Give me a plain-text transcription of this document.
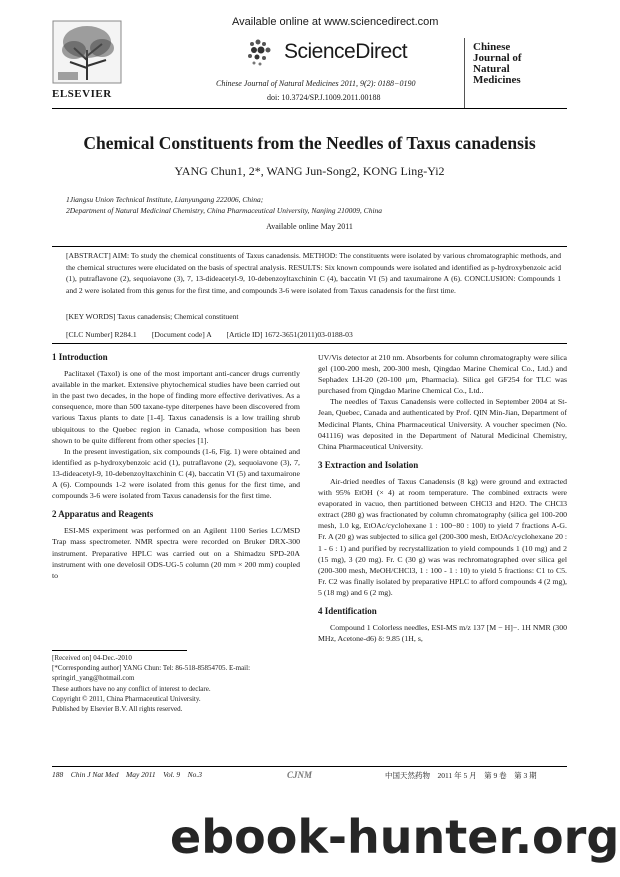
ELSEVIER
Available online at www.sciencedirect.com
ScienceDirect
Chinese Journal of Natural Medicines 2011, 9(2): 0188−0190
doi: 10.3724/SP.J.1009.2011.00188
Chinese
Journal of
Natural
Medicines
Chemical Constituents from the Needles of Taxus canadensis
YANG Chun1, 2*, WANG Jun-Song2, KONG Ling-Yi2
1Jiangsu Union Technical Institute, Lianyungang 222006, China;
2Department of Natural Medicinal Chemistry, China Pharmaceutical University, Nanjing 210009, China
Available online May 2011

[ABSTRACT] AIM: To study the chemical constituents of Taxus canadensis. METHOD: The constituents were isolated by various chromatographic methods, and the chemical structures were elucidated on the basis of spectral analysis. RESULTS: Six known compounds were isolated and identified as p-hydroxybenzoic acid (1), putraflavone (2), sequoiavone (3), 7, 13-dideacetyl-9, 10-debenzoyltaxchinin C (4), baccatin VI (5) and taxumairone A (6). CONCLUSION: Compounds 1 and 2 were isolated from this genus for the first time, and compounds 3-6 were isolated from Taxus canadensis for the first time.

[KEY WORDS] Taxus canadensis; Chemical constituent

[CLC Number] R284.1        [Document code] A        [Article ID] 1672-3651(2011)03-0188-03

1 Introduction

Paclitaxel (Taxol) is one of the most important anti-cancer drugs currently available in the market. Extensive phytochemical studies have been carried out in the past two decades, in the hope of finding more effective derivatives. As a consequence, more than 500 taxane-type diterpenes have been discovered from various Taxus plants to date [1-4]. Taxus canadensis is a low trailing shrub ubiquitous to the Quebec region in Canada, whose composition has been shown to be quite different from other species [1].

In the present investigation, six compounds (1-6, Fig. 1) were obtained and identified as p-hydroxybenzoic acid (1), putraflavone (2), sequoiavone (3), 7, 13-dideacetyl-9, 10-debenzoyltaxchinin C (4), baccatin VI (5) and taxumairone A (6). Compounds 1-2 were isolated from this genus for the first time, and compounds 3-6 were isolated from Taxus canadensis for the first time.

2 Apparatus and Reagents

ESI-MS experiment was performed on an Agilent 1100 Series LC/MSD Trap mass spectrometer. NMR spectra were recorded on Bruker DRX-300 instrument. Preparative HPLC was carried out on a Shimadzu SPD-20A instrument with one develosil ODS-UG-5 column (20 mm × 200 mm) coupled to

[Received on] 04-Dec.-2010

[*Corresponding author] YANG Chun: Tel: 86-518-85854705. E-mail: springirl_yang@hotmail.com

These authors have no any conflict of interest to declare.

Copyright © 2011, China Pharmaceutical University.

Published by Elsevier B.V. All rights reserved.

UV/Vis detector at 210 nm. Absorbents for column chromatography were silica gel (100-200 mesh, 200-300 mesh, Qingdao Marine Chemical Co., Ltd.) and Sephadex LH-20 (20-100 μm, Pharmacia). Silica gel GF254 for TLC was purchased from Qingdao Marine Chemical Co., Ltd..

The needles of Taxus Canadensis were collected in September 2004 at St-Jean, Quebec, Canada and authenticated by Prof. QIN Min-Jian, Department of Medicinal Plants, China Pharmaceutical University. A voucher specimen (No. 041116) was deposited in the Department of Natural Medicinal Chemistry, China Pharmaceutical University.

3 Extraction and Isolation

Air-dried needles of Taxus Canadensis (8 kg) were ground and extracted with 95% EtOH (× 4) at room temperature. The combined extracts were evaporated in vacuo, then partitioned between CHCl3 and H2O. The CHCl3 extract (280 g) was fractionated by column chromatography (silica gel 100-200 mesh, 1.0 kg, EtOAc/cyclohexane 1 : 100−80 : 100) to yield 7 fractions A-G. Fr. A (20 g) was subjected to silica gel (200-300 mesh, EtOAc/cyclohexane 20 : 1 - 6 : 1) and purified by recrystallization to yield compounds 1 (10 mg) and 2 (15 mg), 3 (20 mg). Fr. C (30 g) was was rechromatographed over silica gel (200-300 mesh, MeOH/CHCl3, 1 : 100 - 1 : 10) to yield 5 fractions: C1 to C5. Fr. C2 was finally isolated by preparative HPLC to afford compounds 4 (2 mg), 5 (18 mg) and 6 (2 mg).

4 Identification

Compound 1 Colorless needles, ESI-MS m/z 137 [M − H]−. 1H NMR (300 MHz, Acetone-d6) δ: 9.85 (1H, s,

188    Chin J Nat Med    May 2011    Vol. 9    No.3	CJNM	中国天然药物    2011 年 5 月    第 9 卷    第 3 期
ebook-hunter.org
